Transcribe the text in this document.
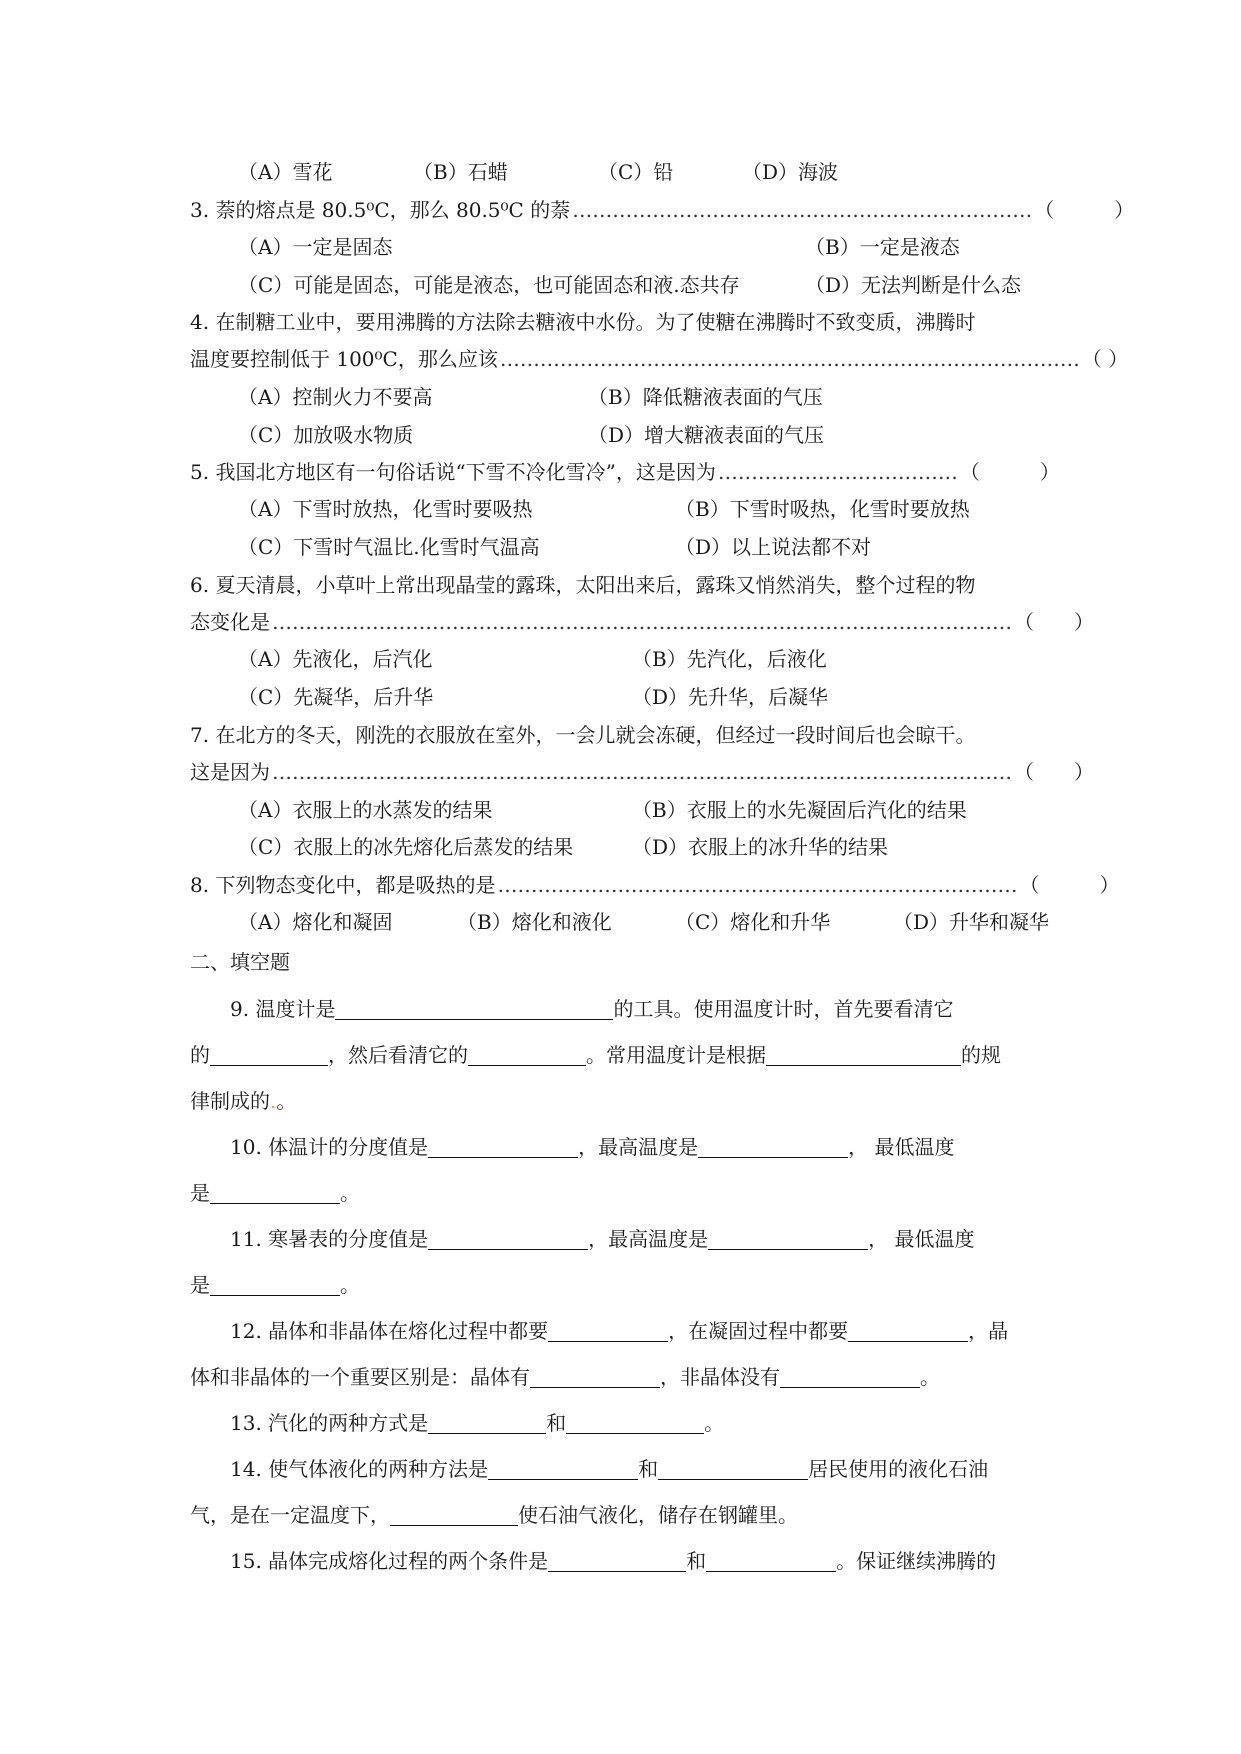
（A）雪花	（B）石蜡	（C）铅	（D）海波
3. 萘的熔点是 80.5⁰C，那么 80.5⁰C 的萘 …………………………………………………………… （　　　）
（A）一定是固态	（B）一定是液态
（C）可能是固态，可能是液态，也可能固态和液.态共存	（D）无法判断是什么态
4. 在制糖工业中，要用沸腾的方法除去糖液中水份。为了使糖在沸腾时不致变质，沸腾时
温度要控制低于 100⁰C，那么应该 …………………………………………………………………………… （ ）
（A）控制火力不要高	（B）降低糖液表面的气压
（C）加放吸水物质	（D）增大糖液表面的气压
5. 我国北方地区有一句俗话说“下雪不冷化雪冷”，这是因为 ……………………………… （　　　）
（A）下雪时放热，化雪时要吸热	（B）下雪时吸热，化雪时要放热
（C）下雪时气温比.化雪时气温高	（D）以上说法都不对
6. 夏天清晨，小草叶上常出现晶莹的露珠，太阳出来后，露珠又悄然消失，整个过程的物
态变化是 ………………………………………………………………………………………………… （　　）
（A）先液化，后汽化	（B）先汽化，后液化
（C）先凝华，后升华	（D）先升华，后凝华
7. 在北方的冬天，刚洗的衣服放在室外，一会儿就会冻硬，但经过一段时间后也会晾干。
这是因为 ………………………………………………………………………………………………… （　　）
（A）衣服上的水蒸发的结果	（B）衣服上的水先凝固后汽化的结果
（C）衣服上的冰先熔化后蒸发的结果	（D）衣服上的冰升华的结果
8. 下列物态变化中，都是吸热的是 …………………………………………………………………… （　　　）
（A）熔化和凝固	（B）熔化和液化	（C）熔化和升华	（D）升华和凝华
二、填空题
9. 温度计是	的工具。使用温度计时，首先要看清它
的	，然后看清它的	。常用温度计是根据	的规
律制成的.。
10. 体温计的分度值是	，最高温度是	， 最低温度
是	。
11. 寒暑表的分度值是	，最高温度是	， 最低温度
是	。
12. 晶体和非晶体在熔化过程中都要	，在凝固过程中都要	，晶
体和非晶体的一个重要区别是：晶体有	，非晶体没有	。
13. 汽化的两种方式是	和	。
14. 使气体液化的两种方法是	和	居民使用的液化石油
气，是在一定温度下，	使石油气液化，储存在钢罐里。
15. 晶体完成熔化过程的两个条件是	和	。保证继续沸腾的
